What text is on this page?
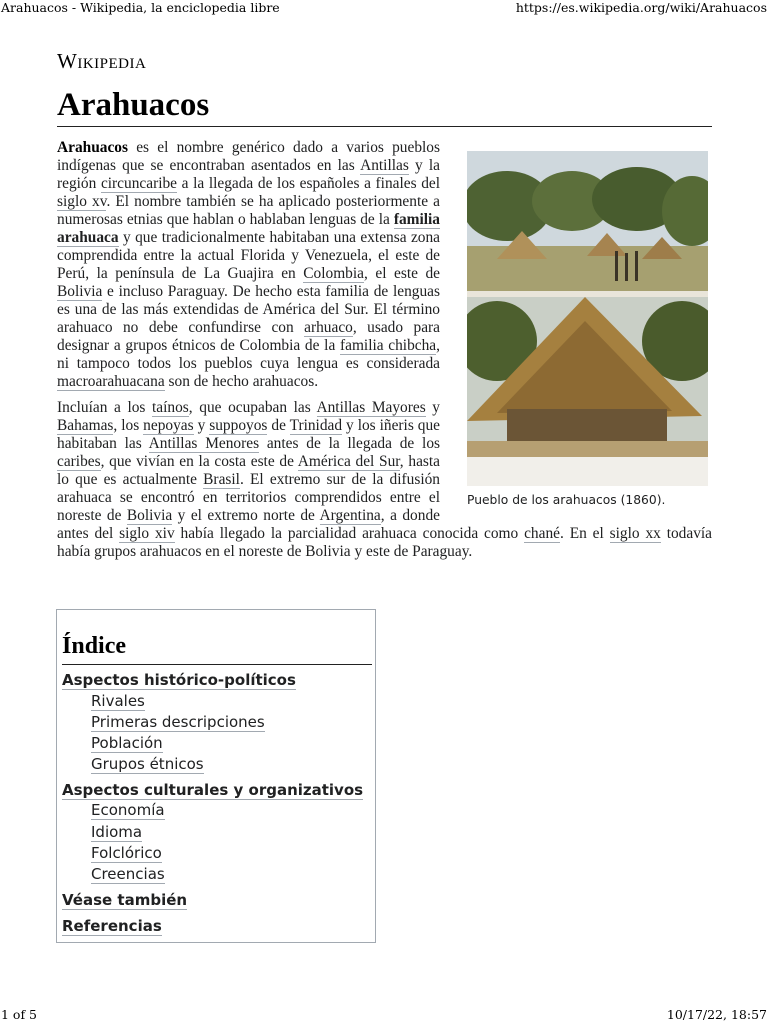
Arahuacos - Wikipedia, la enciclopedia libre	https://es.wikipedia.org/wiki/Arahuacos
Wikipedia
Arahuacos
Pueblo de los arahuacos (1860).

Arahuacos es el nombre genérico dado a varios pueblos indígenas que se encontraban asentados en las Antillas y la región circuncaribe a la llegada de los españoles a finales del siglo xv. El nombre también se ha aplicado posteriormente a numerosas etnias que hablan o hablaban lenguas de la familia arahuaca y que tradicionalmente habitaban una extensa zona comprendida entre la actual Florida y Venezuela, el este de Perú, la península de La Guajira en Colombia, el este de Bolivia e incluso Paraguay. De hecho esta familia de lenguas es una de las más extendidas de América del Sur. El término arahuaco no debe confundirse con arhuaco, usado para designar a grupos étnicos de Colombia de la familia chibcha, ni tampoco todos los pueblos cuya lengua es considerada macroarahuacana son de hecho arahuacos.

Incluían a los taínos, que ocupaban las Antillas Mayores y Bahamas, los nepoyas y suppoyos de Trinidad y los iñeris que habitaban las Antillas Menores antes de la llegada de los caribes, que vivían en la costa este de América del Sur, hasta lo que es actualmente Brasil. El extremo sur de la difusión arahuaca se encontró en territorios comprendidos entre el noreste de Bolivia y el extremo norte de Argentina, a donde antes del siglo xiv había llegado la parcialidad arahuaca conocida como chané. En el siglo xx todavía había grupos arahuacos en el noreste de Bolivia y este de Paraguay.

Índice
Aspectos histórico-políticos
Rivales
Primeras descripciones
Población
Grupos étnicos
Aspectos culturales y organizativos
Economía
Idioma
Folclórico
Creencias
Véase también
Referencias
1 of 5	10/17/22, 18:57
